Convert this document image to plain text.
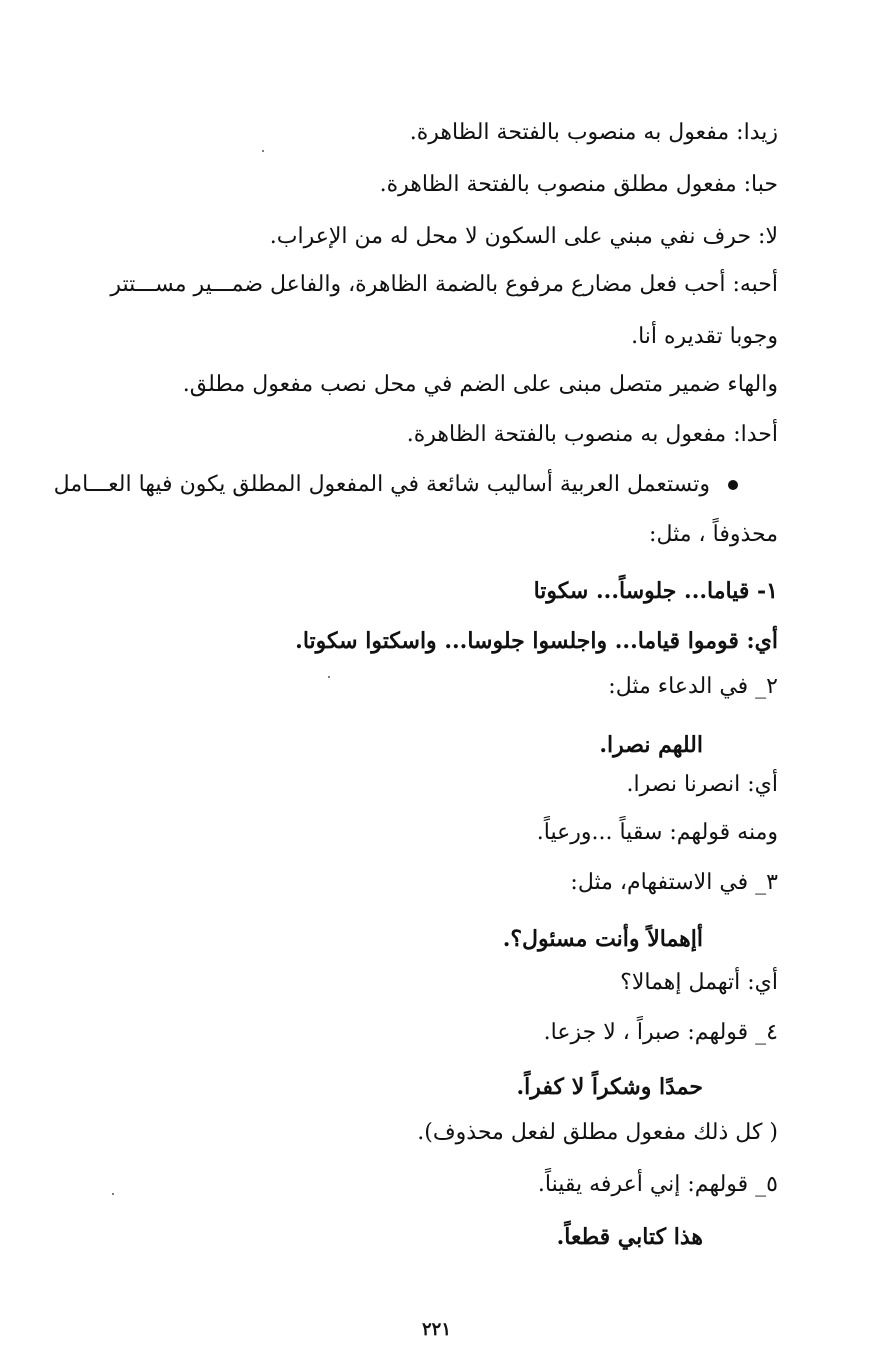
زيدا: مفعول به منصوب بالفتحة الظاهرة.
حبا: مفعول مطلق منصوب بالفتحة الظاهرة.
لا: حرف نفي مبني على السكون لا محل له من الإعراب.
أحبه: أحب فعل مضارع مرفوع بالضمة الظاهرة، والفاعل ضمـــير مســـتتر
وجوبا تقديره أنا.
والهاء ضمير متصل مبنى على الضم في محل نصب مفعول مطلق.
أحدا: مفعول به منصوب بالفتحة الظاهرة.
وتستعمل العربية أساليب شائعة في المفعول المطلق يكون فيها العـــامل
محذوفاً ، مثل:
١- قياما... جلوساً... سكوتا
أي: قوموا قياما... واجلسوا جلوسا... واسكتوا سكوتا.
٢_ في الدعاء مثل:
اللهم نصرا.
أي: انصرنا نصرا.
ومنه قولهم: سقياً ...ورعياً.
٣_ في الاستفهام، مثل:
أإهمالاً وأنت مسئول؟.
أي: أتهمل إهمالا؟
٤_ قولهم: صبراً ، لا جزعا.
حمدًا وشكراً لا كفراً.
( كل ذلك مفعول مطلق لفعل محذوف).
٥_ قولهم: إني أعرفه يقيناً.
هذا كتابي قطعاً.
٢٢١
